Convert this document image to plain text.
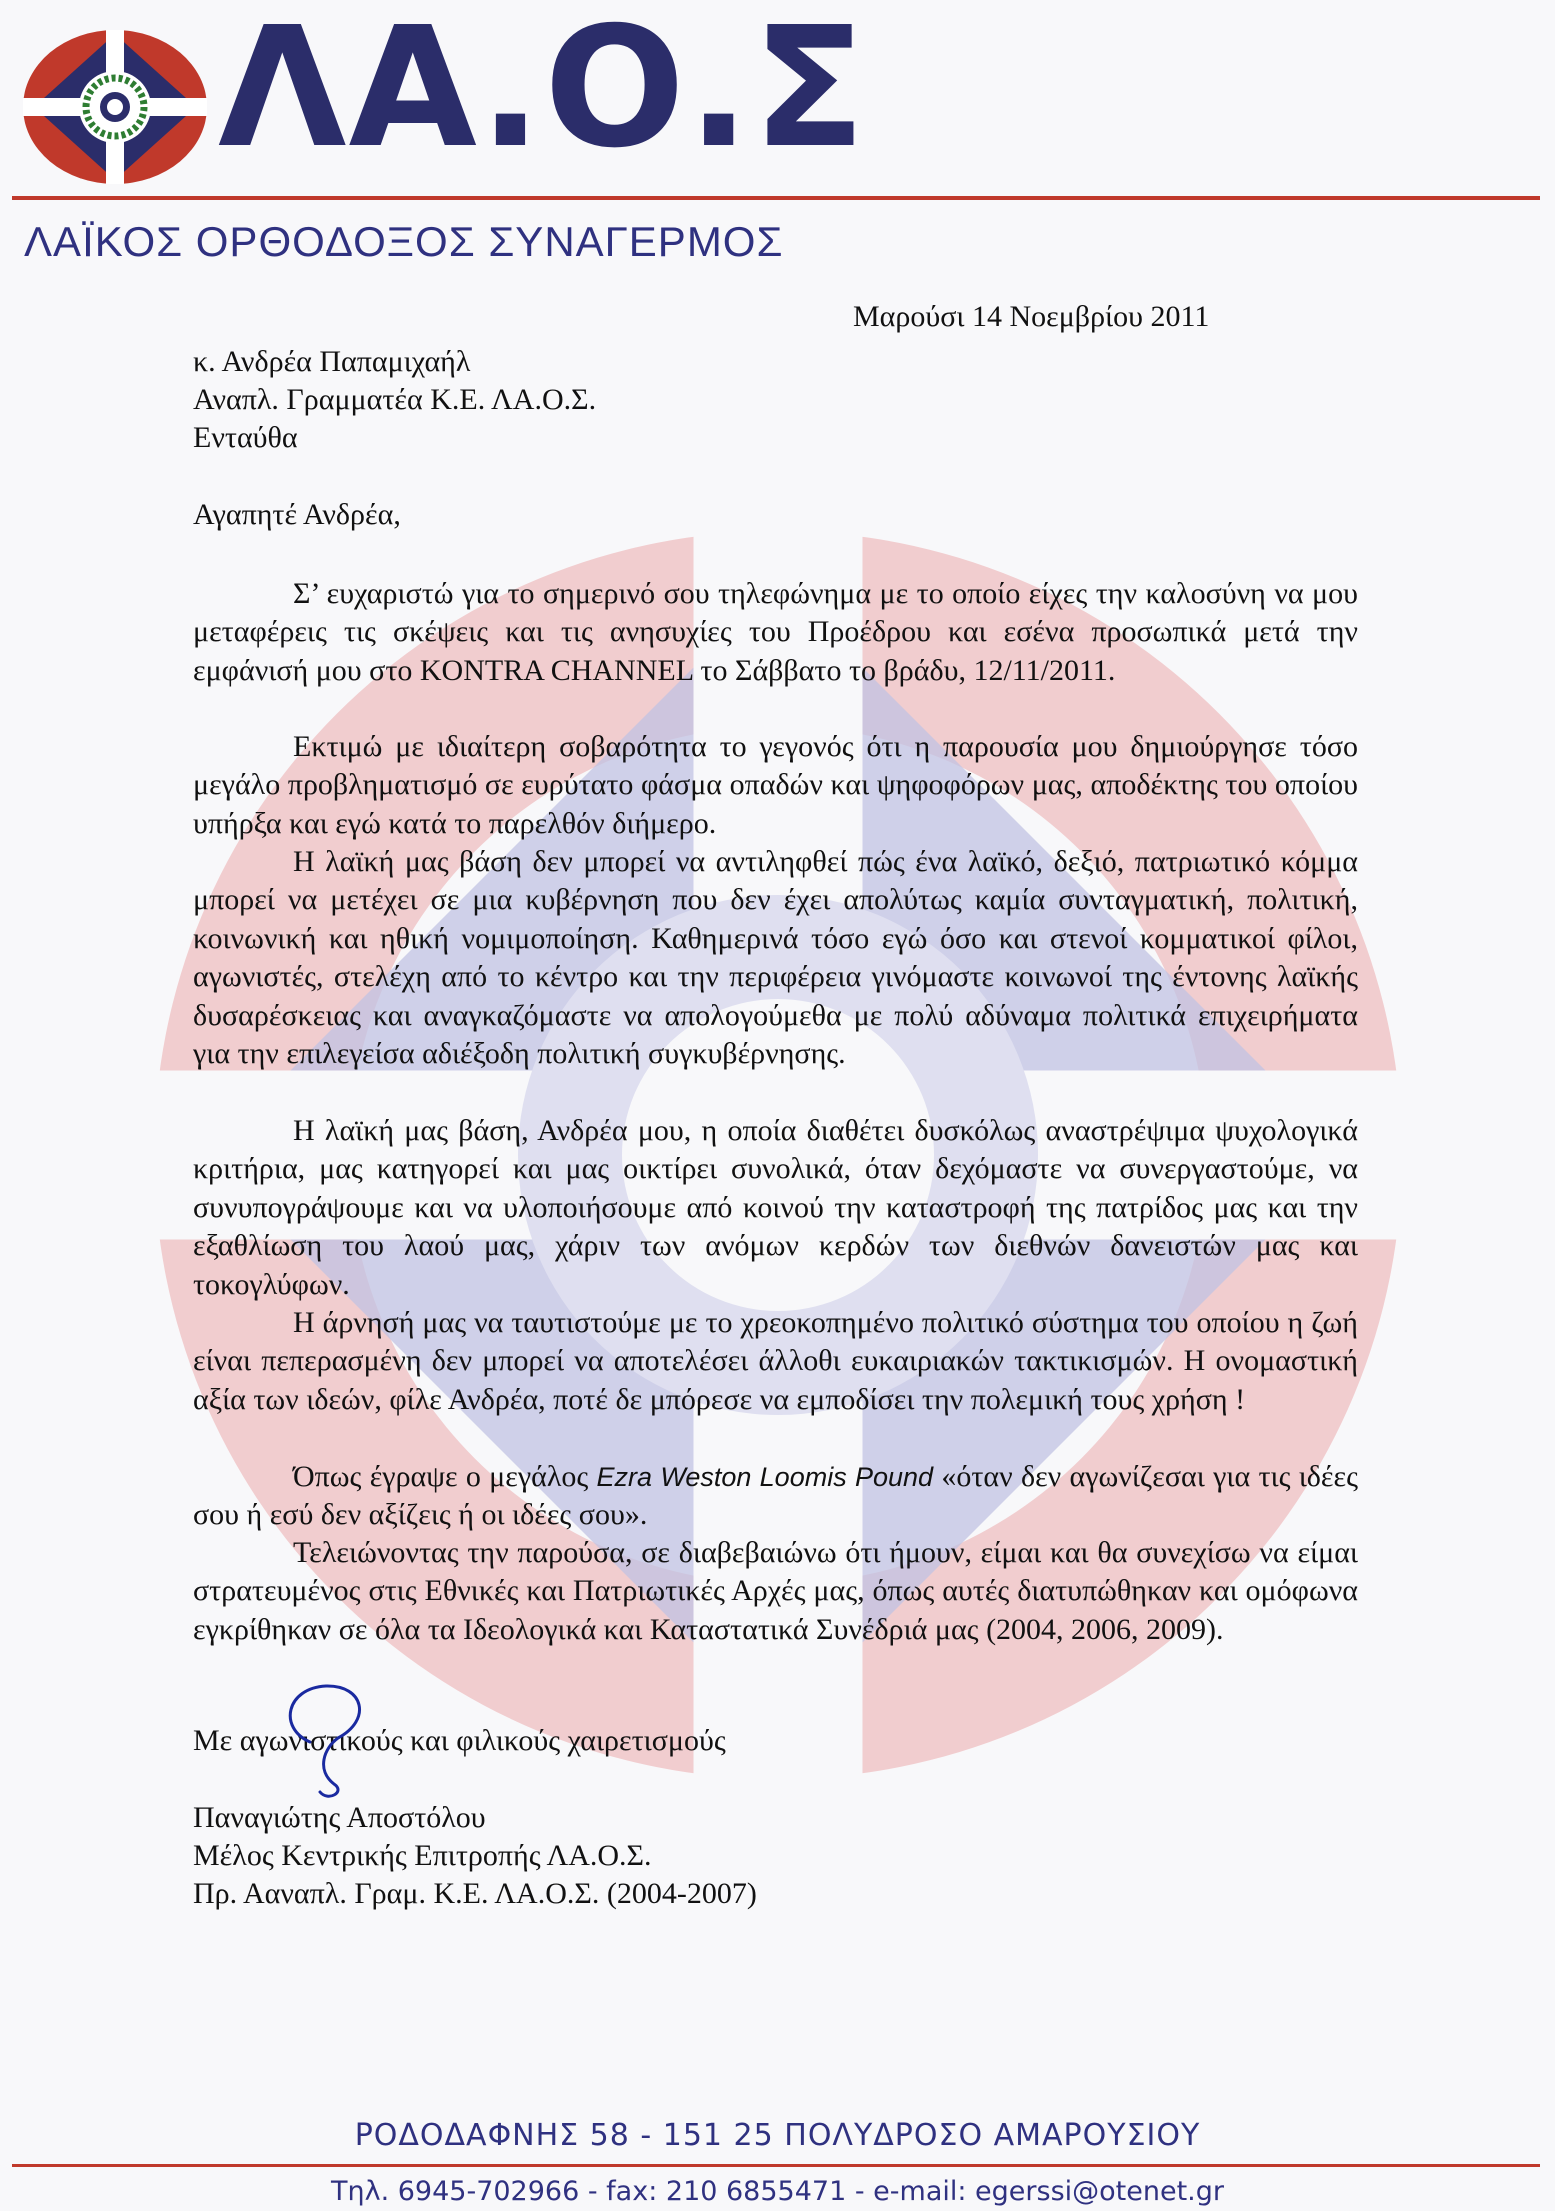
ΛΑ.Ο.Σ
ΛΑΪΚΟΣ ΟΡΘΟΔΟΞΟΣ ΣΥΝΑΓΕΡΜΟΣ
Μαρούσι 14 Νοεμβρίου 2011
κ. Ανδρέα Παπαμιχαήλ
Αναπλ. Γραμματέα Κ.Ε. ΛΑ.Ο.Σ.
Ενταύθα
Αγαπητέ Ανδρέα,
Σ’ ευχαριστώ για το σημερινό σου τηλεφώνημα με το οποίο είχες την καλοσύνη να μου μεταφέρεις τις σκέψεις και τις ανησυχίες του Προέδρου και εσένα προσωπικά μετά την εμφάνισή μου στο KONTRA CHANNEL το Σάββατο το βράδυ, 12/11/2011.
Εκτιμώ με ιδιαίτερη σοβαρότητα το γεγονός ότι η παρουσία μου δημιούργησε τόσο μεγάλο προβληματισμό σε ευρύτατο φάσμα οπαδών και ψηφοφόρων μας, αποδέκτης του οποίου υπήρξα και εγώ κατά το παρελθόν διήμερο.
Η λαϊκή μας βάση δεν μπορεί να αντιληφθεί πώς ένα λαϊκό, δεξιό, πατριωτικό κόμμα μπορεί να μετέχει σε μια κυβέρνηση που δεν έχει απολύτως καμία συνταγματική, πολιτική, κοινωνική και ηθική νομιμοποίηση. Καθημερινά τόσο εγώ όσο και στενοί κομματικοί φίλοι, αγωνιστές, στελέχη από το κέντρο και την περιφέρεια γινόμαστε κοινωνοί της έντονης λαϊκής δυσαρέσκειας και αναγκαζόμαστε να απολογούμεθα με πολύ αδύναμα πολιτικά επιχειρήματα για την επιλεγείσα αδιέξοδη πολιτική συγκυβέρνησης.
Η λαϊκή μας βάση, Ανδρέα μου, η οποία διαθέτει δυσκόλως αναστρέψιμα ψυχολογικά κριτήρια, μας κατηγορεί και μας οικτίρει συνολικά, όταν δεχόμαστε να συνεργαστούμε, να συνυπογράψουμε και να υλοποιήσουμε από κοινού την καταστροφή της πατρίδος μας και την εξαθλίωση του λαού μας, χάριν των ανόμων κερδών των διεθνών δανειστών μας και τοκογλύφων.
Η άρνησή μας να ταυτιστούμε με το χρεοκοπημένο πολιτικό σύστημα του οποίου η ζωή είναι πεπερασμένη δεν μπορεί να αποτελέσει άλλοθι ευκαιριακών τακτικισμών. Η ονομαστική αξία των ιδεών, φίλε Ανδρέα, ποτέ δε μπόρεσε να εμποδίσει την πολεμική τους χρήση !
Όπως έγραψε ο μεγάλος Ezra Weston Loomis Pound «όταν δεν αγωνίζεσαι για τις ιδέες σου ή εσύ δεν αξίζεις ή οι ιδέες σου».
Τελειώνοντας την παρούσα, σε διαβεβαιώνω ότι ήμουν, είμαι και θα συνεχίσω να είμαι στρατευμένος στις Εθνικές και Πατριωτικές Αρχές μας, όπως αυτές διατυπώθηκαν και ομόφωνα εγκρίθηκαν σε όλα τα Ιδεολογικά και Καταστατικά Συνέδριά μας (2004, 2006, 2009).
Με αγωνιστικούς και φιλικούς χαιρετισμούς
Παναγιώτης Αποστόλου
Μέλος Κεντρικής Επιτροπής ΛΑ.Ο.Σ.
Πρ. Ααναπλ. Γραμ. Κ.Ε. ΛΑ.Ο.Σ. (2004-2007)
ΡΟΔΟΔΑΦΝΗΣ 58 - 151 25 ΠΟΛΥΔΡΟΣΟ ΑΜΑΡΟΥΣΙΟΥ
Τηλ. 6945-702966 - fax: 210 6855471 - e-mail: egerssi@otenet.gr
